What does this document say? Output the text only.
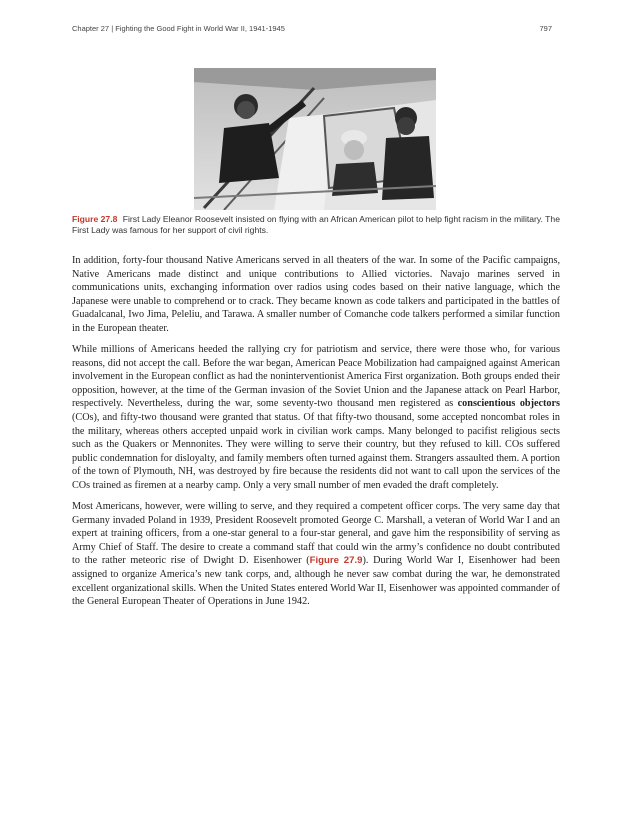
Chapter 27 | Fighting the Good Fight in World War II, 1941-1945	797
Figure 27.8 First Lady Eleanor Roosevelt insisted on flying with an African American pilot to help fight racism in the military. The First Lady was famous for her support of civil rights.

In addition, forty-four thousand Native Americans served in all theaters of the war. In some of the Pacific campaigns, Native Americans made distinct and unique contributions to Allied victories. Navajo marines served in communications units, exchanging information over radios using codes based on their native language, which the Japanese were unable to comprehend or to crack. They became known as code talkers and participated in the battles of Guadalcanal, Iwo Jima, Peleliu, and Tarawa. A smaller number of Comanche code talkers performed a similar function in the European theater.

While millions of Americans heeded the rallying cry for patriotism and service, there were those who, for various reasons, did not accept the call. Before the war began, American Peace Mobilization had campaigned against American involvement in the European conflict as had the noninterventionist America First organization. Both groups ended their opposition, however, at the time of the German invasion of the Soviet Union and the Japanese attack on Pearl Harbor, respectively. Nevertheless, during the war, some seventy-two thousand men registered as conscientious objectors (COs), and fifty-two thousand were granted that status. Of that fifty-two thousand, some accepted noncombat roles in the military, whereas others accepted unpaid work in civilian work camps. Many belonged to pacifist religious sects such as the Quakers or Mennonites. They were willing to serve their country, but they refused to kill. COs suffered public condemnation for disloyalty, and family members often turned against them. Strangers assaulted them. A portion of the town of Plymouth, NH, was destroyed by fire because the residents did not want to call upon the services of the COs trained as firemen at a nearby camp. Only a very small number of men evaded the draft completely.

Most Americans, however, were willing to serve, and they required a competent officer corps. The very same day that Germany invaded Poland in 1939, President Roosevelt promoted George C. Marshall, a veteran of World War I and an expert at training officers, from a one-star general to a four-star general, and gave him the responsibility of serving as Army Chief of Staff. The desire to create a command staff that could win the army’s confidence no doubt contributed to the rather meteoric rise of Dwight D. Eisenhower (Figure 27.9). During World War I, Eisenhower had been assigned to organize America’s new tank corps, and, although he never saw combat during the war, he demonstrated excellent organizational skills. When the United States entered World War II, Eisenhower was appointed commander of the General European Theater of Operations in June 1942.
